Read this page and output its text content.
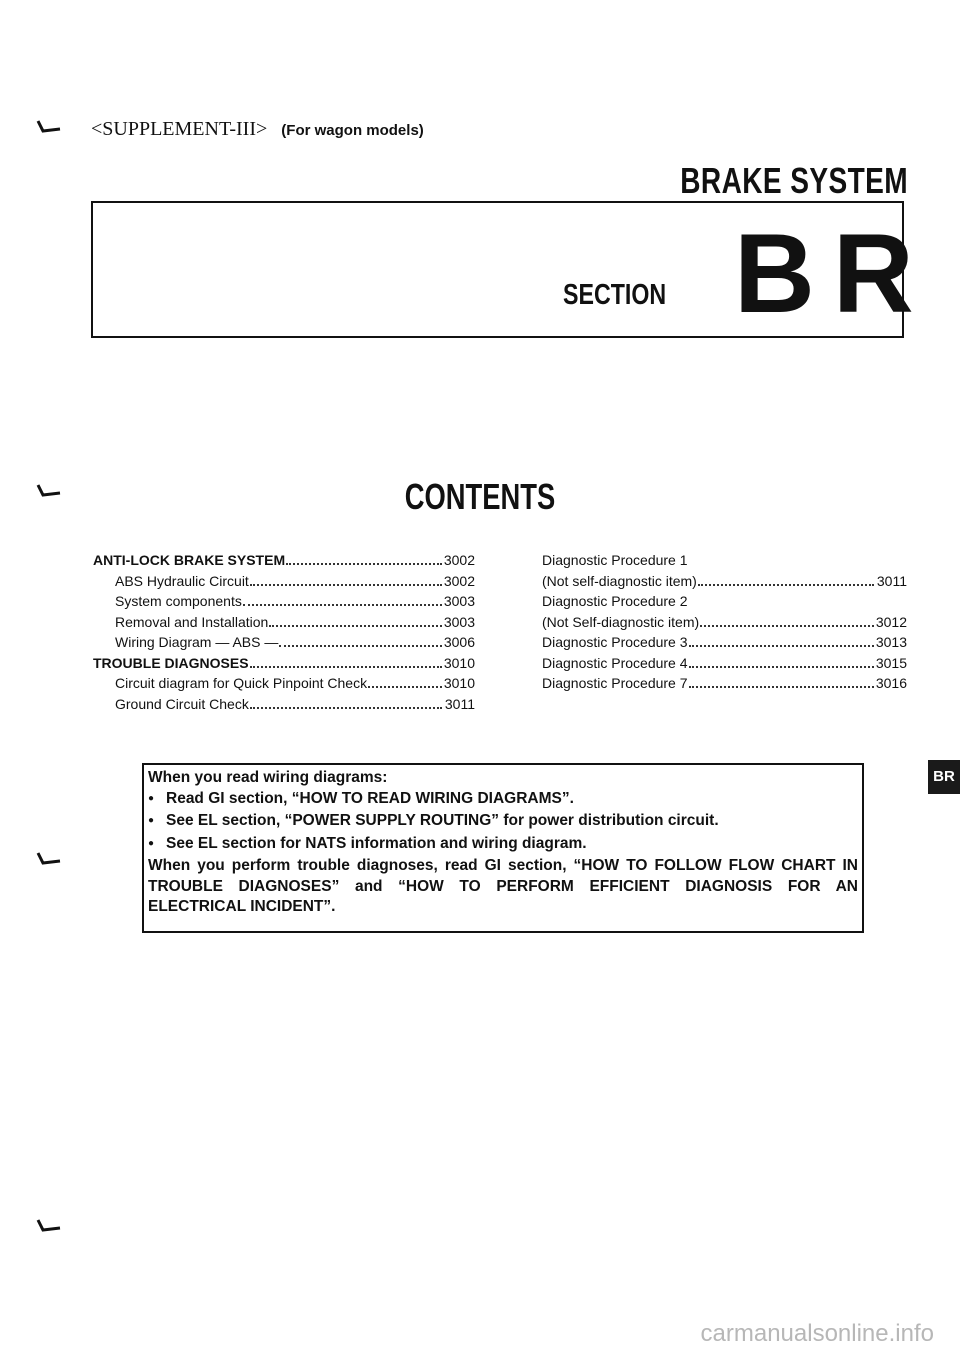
<SUPPLEMENT-III> (For wagon models)
BRAKE SYSTEM
SECTION BR
CONTENTS
ANTI-LOCK BRAKE SYSTEM	3002
ABS Hydraulic Circuit	3002
System components	3003
Removal and Installation	3003
Wiring Diagram — ABS —	3006
TROUBLE DIAGNOSES	3010
Circuit diagram for Quick Pinpoint Check	3010
Ground Circuit Check	3011
Diagnostic Procedure 1
(Not self-diagnostic item)	3011
Diagnostic Procedure 2
(Not Self-diagnostic item)	3012
Diagnostic Procedure 3	3013
Diagnostic Procedure 4	3015
Diagnostic Procedure 7	3016
BR

When you read wiring diagrams:

● Read GI section, “HOW TO READ WIRING DIAGRAMS”.

● See EL section, “POWER SUPPLY ROUTING” for power distribution circuit.

● See EL section for NATS information and wiring diagram.

When you perform trouble diagnoses, read GI section, “HOW TO FOLLOW FLOW CHART IN TROUBLE DIAGNOSES” and “HOW TO PERFORM EFFICIENT DIAGNOSIS FOR AN ELECTRICAL INCIDENT”.

carmanualsonline.info
